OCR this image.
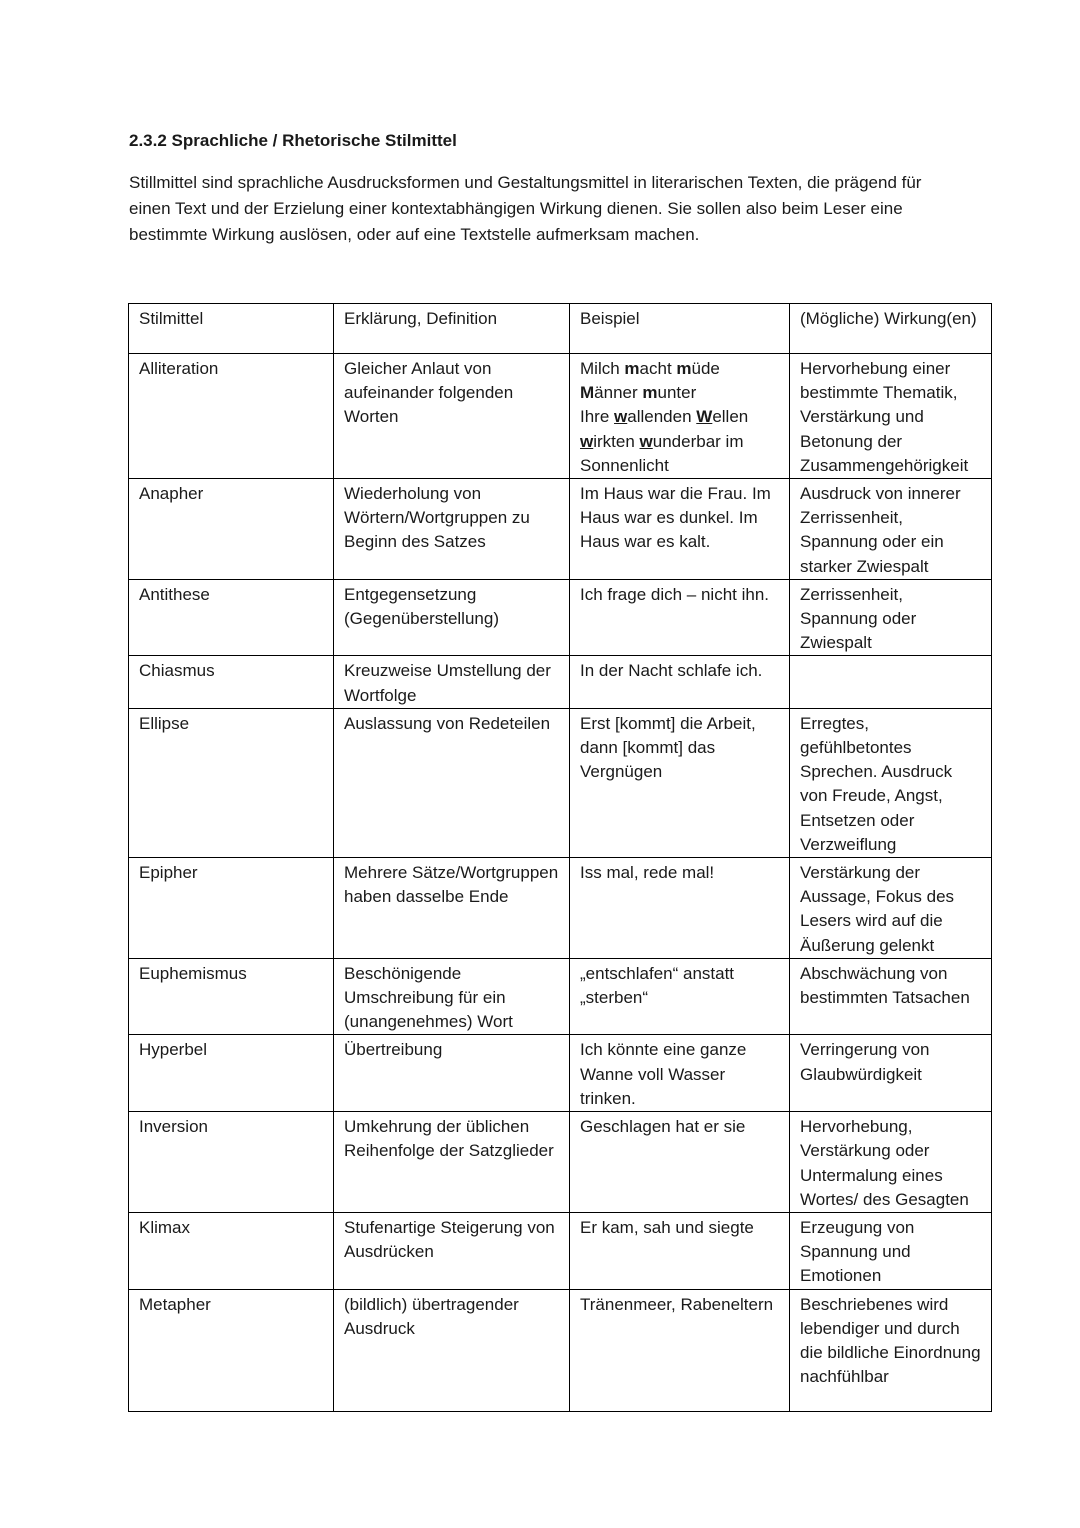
2.3.2 Sprachliche / Rhetorische Stilmittel

Stillmittel sind sprachliche Ausdrucksformen und Gestaltungsmittel in literarischen Texten, die prägend für einen Text und der Erzielung einer kontextabhängigen Wirkung dienen. Sie sollen also beim Leser eine bestimmte Wirkung auslösen, oder auf eine Textstelle aufmerksam machen.

Stilmittel	Erklärung, Definition	Beispiel	(Mögliche) Wirkung(en)
Alliteration	Gleicher Anlaut von aufeinander folgenden Worten	Milch macht müde
Männer munter
Ihre wallenden Wellen
wirkten wunderbar im
Sonnenlicht	Hervorhebung einer bestimmte Thematik, Verstärkung und Betonung der Zusammengehörigkeit
Anapher	Wiederholung von Wörtern/Wortgruppen zu Beginn des Satzes	Im Haus war die Frau. Im Haus war es dunkel. Im Haus war es kalt.	Ausdruck von innerer Zerrissenheit, Spannung oder ein starker Zwiespalt
Antithese	Entgegensetzung (Gegenüberstellung)	Ich frage dich – nicht ihn.	Zerrissenheit, Spannung oder Zwiespalt
Chiasmus	Kreuzweise Umstellung der Wortfolge	In der Nacht schlafe ich.	
Ellipse	Auslassung von Redeteilen	Erst [kommt] die Arbeit, dann [kommt] das Vergnügen	Erregtes, gefühlbetontes Sprechen. Ausdruck von Freude, Angst, Entsetzen oder Verzweiflung
Epipher	Mehrere Sätze/Wortgruppen haben dasselbe Ende	Iss mal, rede mal!	Verstärkung der Aussage, Fokus des Lesers wird auf die Äußerung gelenkt
Euphemismus	Beschönigende Umschreibung für ein (unangenehmes) Wort	„entschlafen“ anstatt „sterben“	Abschwächung von bestimmten Tatsachen
Hyperbel	Übertreibung	Ich könnte eine ganze Wanne voll Wasser trinken.	Verringerung von Glaubwürdigkeit
Inversion	Umkehrung der üblichen Reihenfolge der Satzglieder	Geschlagen hat er sie	Hervorhebung, Verstärkung oder Untermalung eines Wortes/ des Gesagten
Klimax	Stufenartige Steigerung von Ausdrücken	Er kam, sah und siegte	Erzeugung von Spannung und Emotionen
Metapher	(bildlich) übertragender Ausdruck	Tränenmeer, Rabeneltern	Beschriebenes wird lebendiger und durch die bildliche Einordnung nachfühlbar
